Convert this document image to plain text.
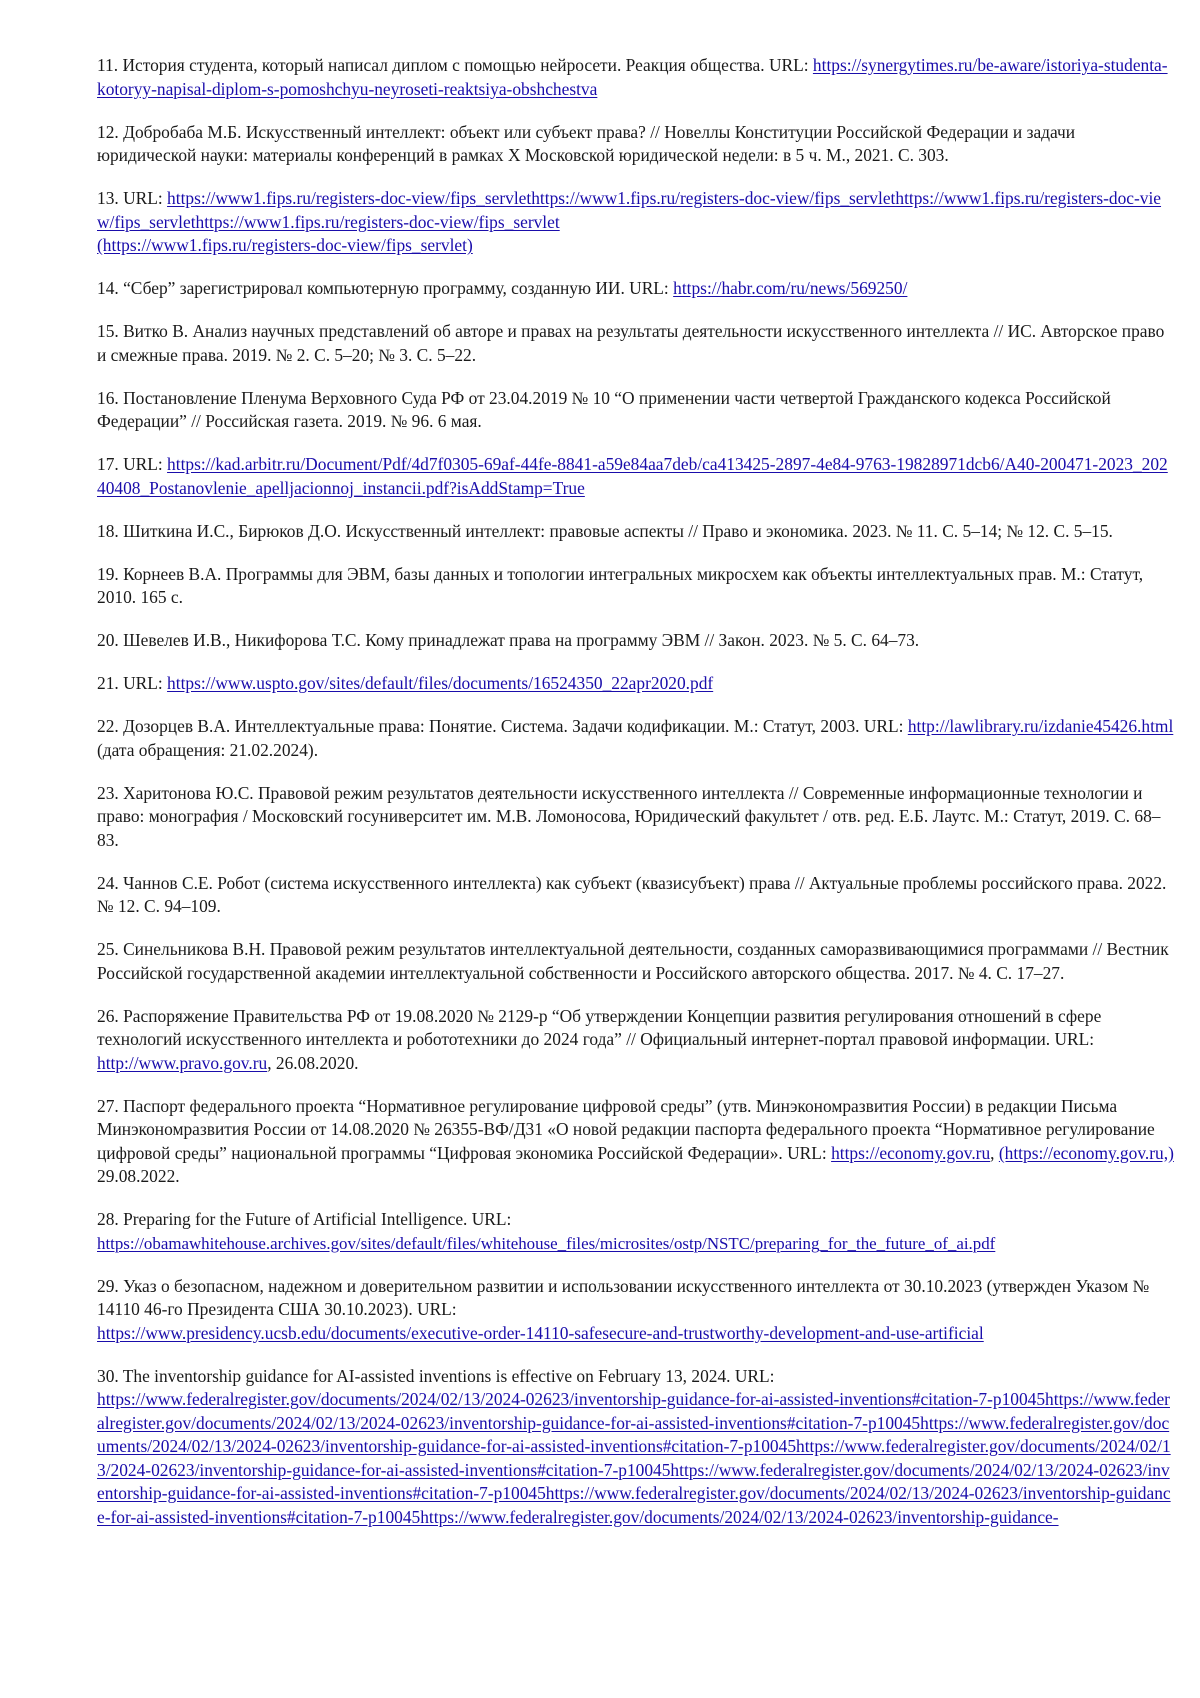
11. История студента, который написал диплом с помощью нейросети. Реакция общества. URL: https://synergytimes.ru/be-aware/istoriya-studenta-kotoryy-napisal-diplom-s-pomoshchyu-neyroseti-reaktsiya-obshchestva

12. Добробаба М.Б. Искусственный интеллект: объект или субъект права? // Новеллы Конституции Российской Федерации и задачи юридической науки: материалы конференций в рамках X Московской юридической недели: в 5 ч. М., 2021. С. 303.

13. URL: https://www1.fips.ru/registers-doc-view/fips_servlethttps://www1.fips.ru/registers-doc-view/fips_servlethttps://www1.fips.ru/registers-doc-view/fips_servlethttps://www1.fips.ru/registers-doc-view/fips_servlet
(https://www1.fips.ru/registers-doc-view/fips_servlet)

14. “Сбер” зарегистрировал компьютерную программу, созданную ИИ. URL: https://habr.com/ru/news/569250/

15. Витко В. Анализ научных представлений об авторе и правах на результаты деятельности искусственного интеллекта // ИС. Авторское право и смежные права. 2019. № 2. С. 5–20; № 3. С. 5–22.

16. Постановление Пленума Верховного Суда РФ от 23.04.2019 № 10 “О применении части четвертой Гражданского кодекса Российской Федерации” // Российская газета. 2019. № 96. 6 мая.

17. URL: https://kad.arbitr.ru/Document/Pdf/4d7f0305-69af-44fe-8841-a59e84aa7deb/ca413425-2897-4e84-9763-19828971dcb6/A40-200471-2023_20240408_Postanovlenie_apelljacionnoj_instancii.pdf?isAddStamp=True

18. Шиткина И.С., Бирюков Д.О. Искусственный интеллект: правовые аспекты // Право и экономика. 2023. № 11. С. 5–14; № 12. С. 5–15.

19. Корнеев В.А. Программы для ЭВМ, базы данных и топологии интегральных микросхем как объекты интеллектуальных прав. М.: Статут, 2010. 165 с.

20. Шевелев И.В., Никифорова Т.С. Кому принадлежат права на программу ЭВМ // Закон. 2023. № 5. С. 64–73.

21. URL: https://www.uspto.gov/sites/default/files/documents/16524350_22apr2020.pdf

22. Дозорцев В.А. Интеллектуальные права: Понятие. Система. Задачи кодификации. М.: Статут, 2003. URL: http://lawlibrary.ru/izdanie45426.html (дата обращения: 21.02.2024).

23. Харитонова Ю.С. Правовой режим результатов деятельности искусственного интеллекта // Современные информационные технологии и право: монография / Московский госуниверситет им. М.В. Ломоносова, Юридический факультет / отв. ред. Е.Б. Лаутс. М.: Статут, 2019. С. 68–83.

24. Чаннов С.Е. Робот (система искусственного интеллекта) как субъект (квазисубъект) права // Актуальные проблемы российского права. 2022. № 12. С. 94–109.

25. Синельникова В.Н. Правовой режим результатов интеллектуальной деятельности, созданных саморазвивающимися программами // Вестник Российской государственной академии интеллектуальной собственности и Российского авторского общества. 2017. № 4. С. 17–27.

26. Распоряжение Правительства РФ от 19.08.2020 № 2129-р “Об утверждении Концепции развития регулирования отношений в сфере технологий искусственного интеллекта и робототехники до 2024 года” // Официальный интернет-портал правовой информации. URL: http://www.pravo.gov.ru, 26.08.2020.

27. Паспорт федерального проекта “Нормативное регулирование цифровой среды” (утв. Минэкономразвития России) в редакции Письма Минэкономразвития России от 14.08.2020 № 26355-ВФ/Д31 «О новой редакции паспорта федерального проекта “Нормативное регулирование цифровой среды” национальной программы “Цифровая экономика Российской Федерации». URL: https://economy.gov.ru, (https://economy.gov.ru,) 29.08.2022.

28. Preparing for the Future of Artificial Intelligence. URL:
https://obamawhitehouse.archives.gov/sites/default/files/whitehouse_files/microsites/ostp/NSTC/preparing_for_the_future_of_ai.pdf

29. Указ о безопасном, надежном и доверительном развитии и использовании искусственного интеллекта от 30.10.2023 (утвержден Указом № 14110 46-го Президента США 30.10.2023). URL:
https://www.presidency.ucsb.edu/documents/executive-order-14110-safesecure-and-trustworthy-development-and-use-artificial

30. The inventorship guidance for AI-assisted inventions is effective on February 13, 2024. URL:
https://www.federalregister.gov/documents/2024/02/13/2024-02623/inventorship-guidance-for-ai-assisted-inventions#citation-7-p10045https://www.federalregister.gov/documents/2024/02/13/2024-02623/inventorship-guidance-for-ai-assisted-inventions#citation-7-p10045https://www.federalregister.gov/documents/2024/02/13/2024-02623/inventorship-guidance-for-ai-assisted-inventions#citation-7-p10045https://www.federalregister.gov/documents/2024/02/13/2024-02623/inventorship-guidance-for-ai-assisted-inventions#citation-7-p10045https://www.federalregister.gov/documents/2024/02/13/2024-02623/inventorship-guidance-for-ai-assisted-inventions#citation-7-p10045https://www.federalregister.gov/documents/2024/02/13/2024-02623/inventorship-guidance-for-ai-assisted-inventions#citation-7-p10045https://www.federalregister.gov/documents/2024/02/13/2024-02623/inventorship-guidance-
